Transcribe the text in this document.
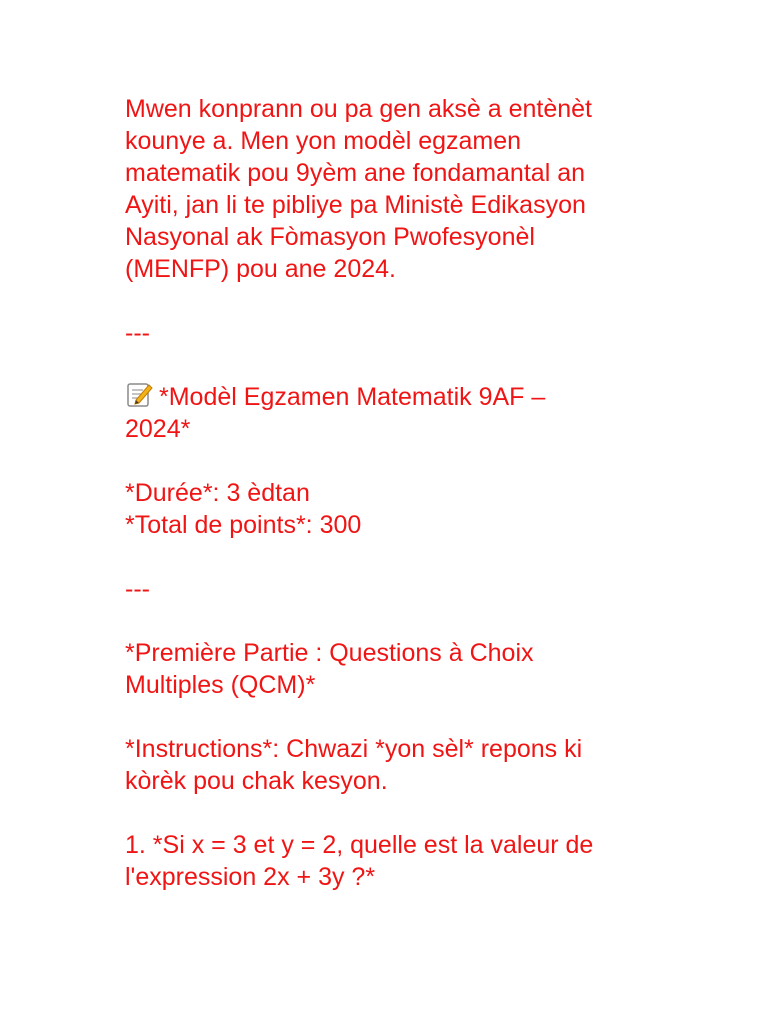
Mwen konprann ou pa gen aksè a entènèt
kounye a. Men yon modèl egzamen
matematik pou 9yèm ane fondamantal an
Ayiti, jan li te pibliye pa Ministè Edikasyon
Nasyonal ak Fòmasyon Pwofesyonèl
(MENFP) pou ane 2024.

---

*Modèl Egzamen Matematik 9AF –
2024*

*Durée*: 3 èdtan

*Total de points*: 300

---

*Première Partie : Questions à Choix
Multiples (QCM)*

*Instructions*: Chwazi *yon sèl* repons ki
kòrèk pou chak kesyon.

1. *Si x = 3 et y = 2, quelle est la valeur de
l'expression 2x + 3y ?*
